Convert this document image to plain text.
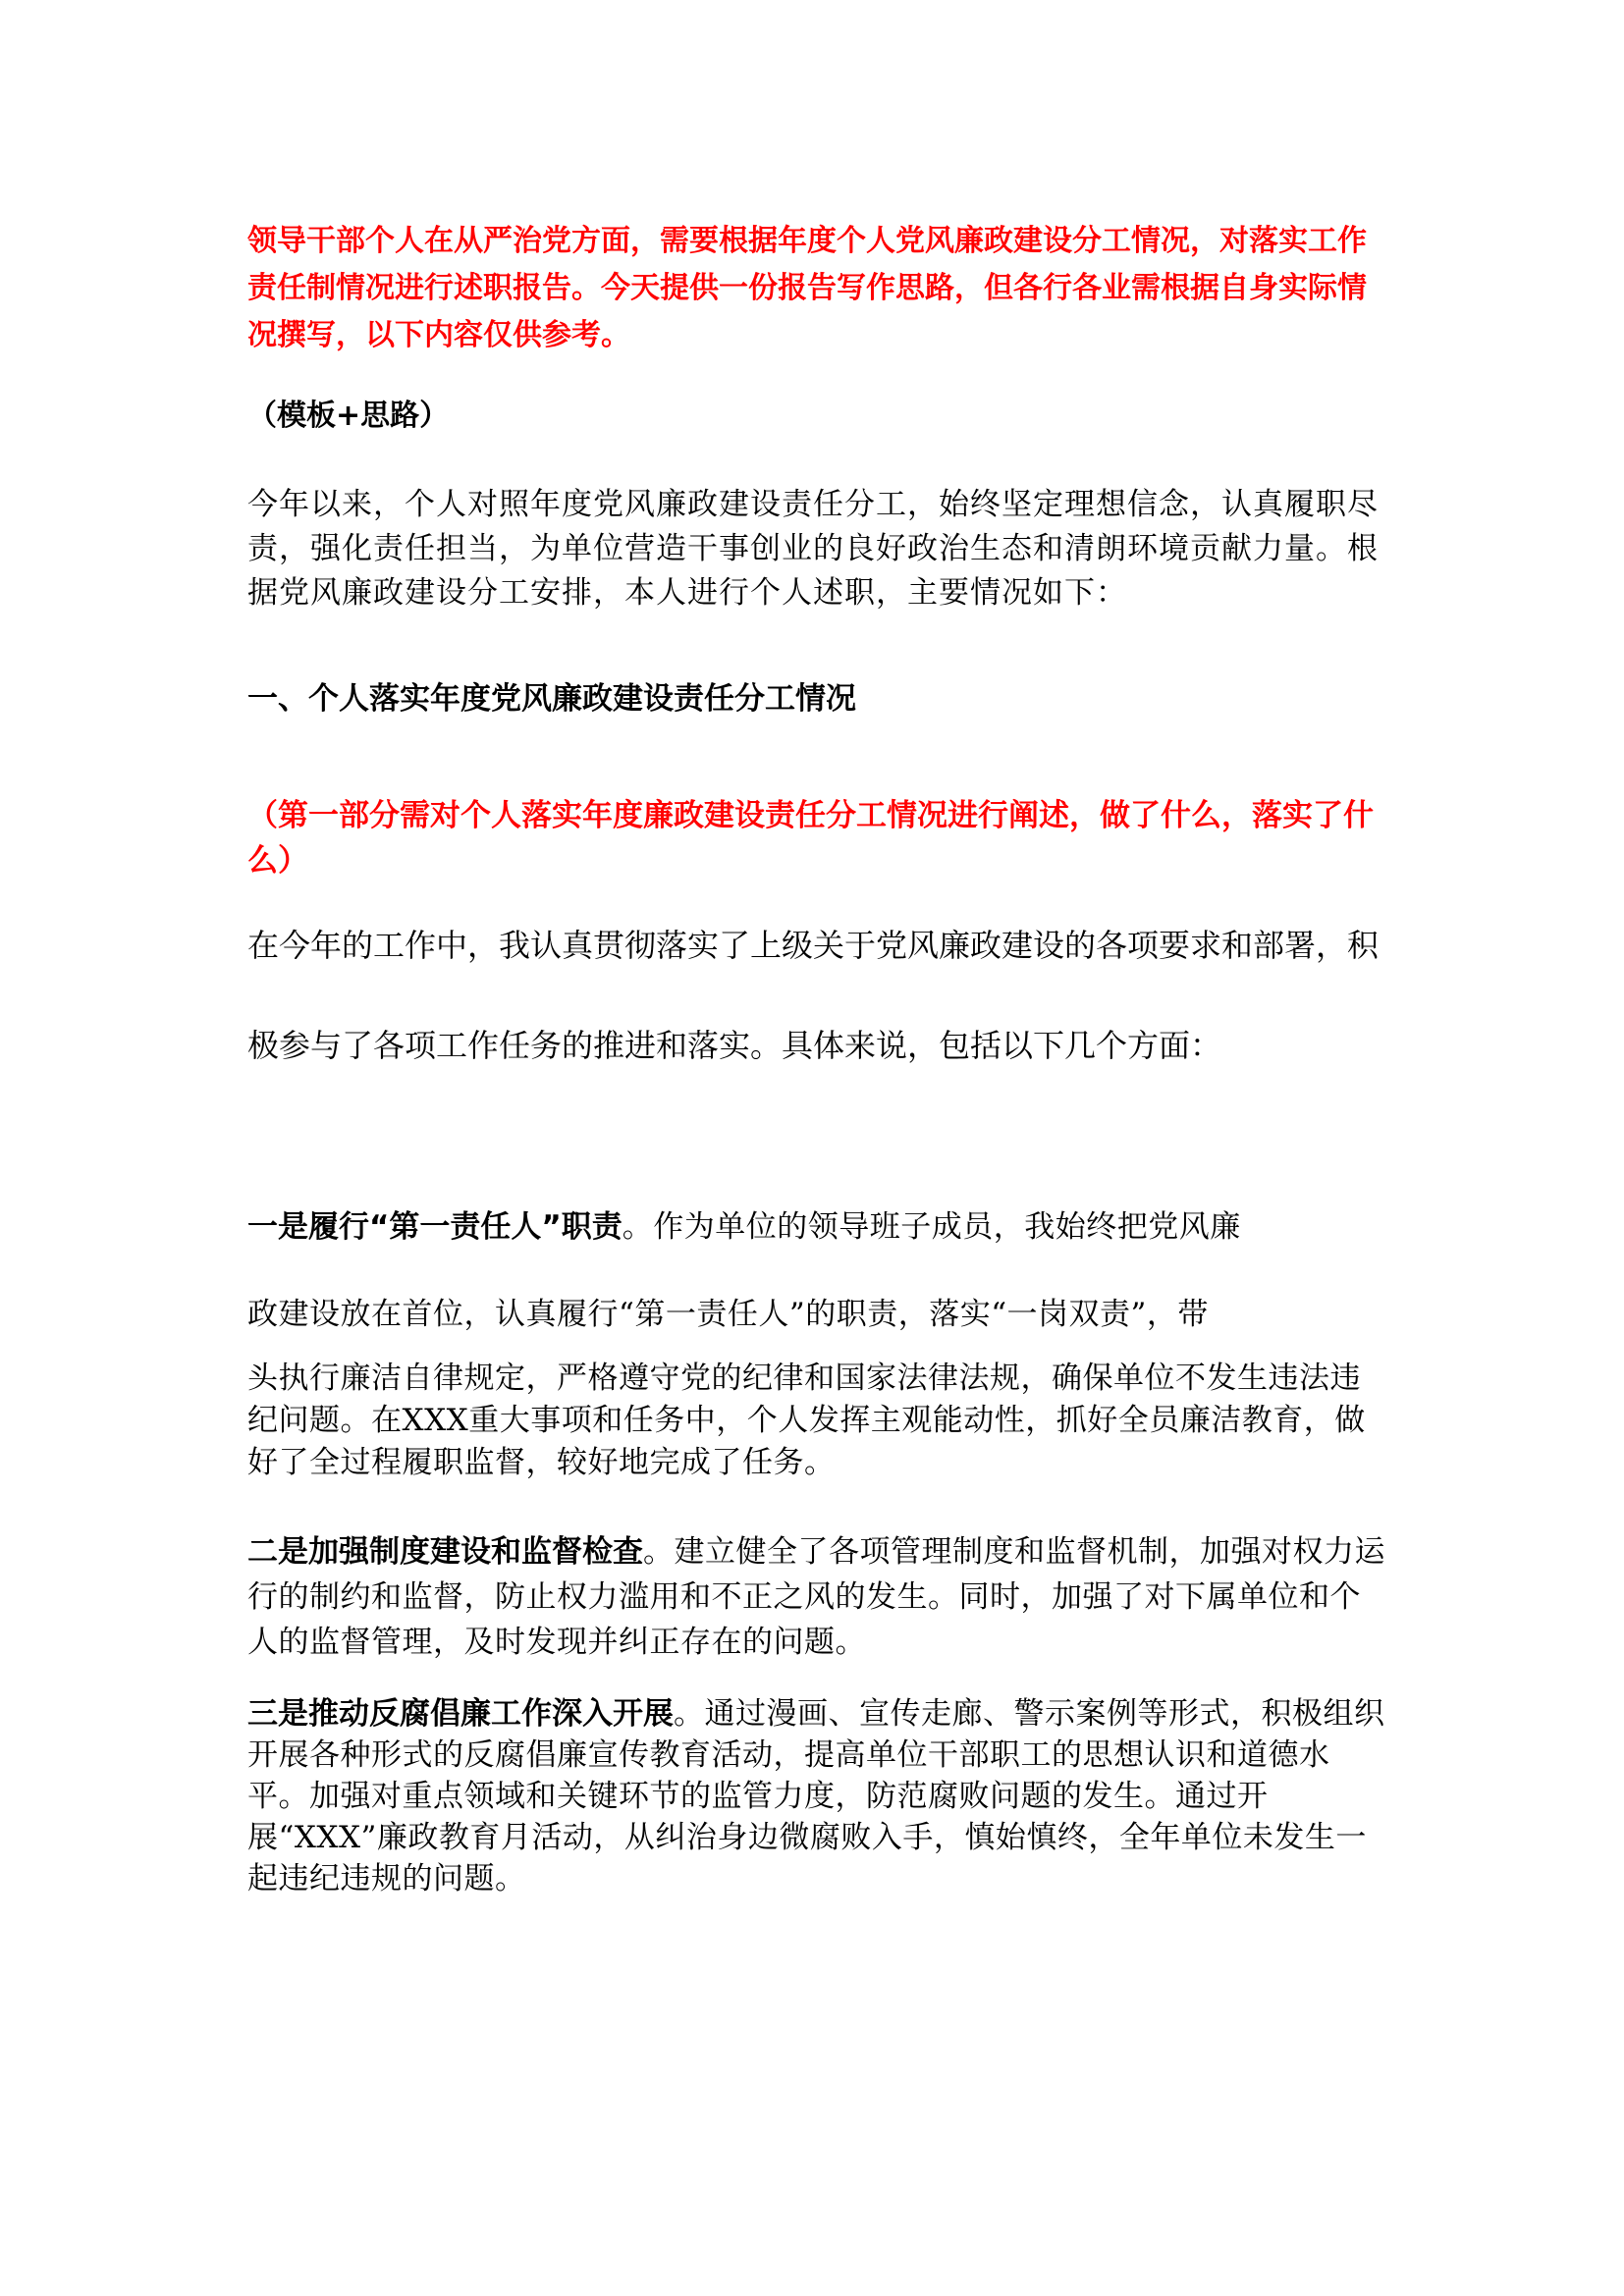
领导干部个人在从严治党方面，需要根据年度个人党风廉政建设分工情况，对落实工作责任制情况进行述职报告。今天提供一份报告写作思路，但各行各业需根据自身实际情况撰写，以下内容仅供参考。

（模板+思路）

今年以来，个人对照年度党风廉政建设责任分工，始终坚定理想信念，认真履职尽责，强化责任担当，为单位营造干事创业的良好政治生态和清朗环境贡献力量。根据党风廉政建设分工安排，本人进行个人述职，主要情况如下：

一、个人落实年度党风廉政建设责任分工情况

（第一部分需对个人落实年度廉政建设责任分工情况进行阐述，做了什么，落实了什么）

在今年的工作中，我认真贯彻落实了上级关于党风廉政建设的各项要求和部署，积极参与了各项工作任务的推进和落实。具体来说，包括以下几个方面：

一是履行“第一责任人”职责。作为单位的领导班子成员，我始终把党风廉

政建设放在首位，认真履行“第一责任人”的职责，落实“一岗双责”，带

头执行廉洁自律规定，严格遵守党的纪律和国家法律法规，确保单位不发生违法违纪问题。在XXX重大事项和任务中，个人发挥主观能动性，抓好全员廉洁教育，做好了全过程履职监督，较好地完成了任务。

二是加强制度建设和监督检查。建立健全了各项管理制度和监督机制，加强对权力运行的制约和监督，防止权力滥用和不正之风的发生。同时，加强了对下属单位和个人的监督管理，及时发现并纠正存在的问题。

三是推动反腐倡廉工作深入开展。通过漫画、宣传走廊、警示案例等形式，积极组织开展各种形式的反腐倡廉宣传教育活动，提高单位干部职工的思想认识和道德水平。加强对重点领域和关键环节的监管力度，防范腐败问题的发生。通过开展“XXX”廉政教育月活动，从纠治身边微腐败入手，慎始慎终，全年单位未发生一起违纪违规的问题。
